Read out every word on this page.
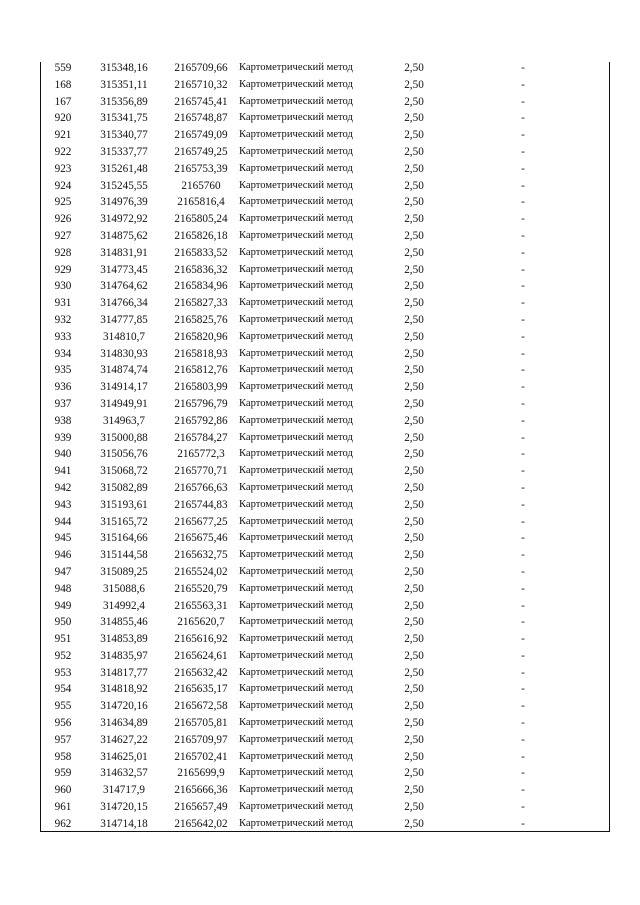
559	315348,16	2165709,66	Картометрический метод	2,50	-
168	315351,11	2165710,32	Картометрический метод	2,50	-
167	315356,89	2165745,41	Картометрический метод	2,50	-
920	315341,75	2165748,87	Картометрический метод	2,50	-
921	315340,77	2165749,09	Картометрический метод	2,50	-
922	315337,77	2165749,25	Картометрический метод	2,50	-
923	315261,48	2165753,39	Картометрический метод	2,50	-
924	315245,55	2165760	Картометрический метод	2,50	-
925	314976,39	2165816,4	Картометрический метод	2,50	-
926	314972,92	2165805,24	Картометрический метод	2,50	-
927	314875,62	2165826,18	Картометрический метод	2,50	-
928	314831,91	2165833,52	Картометрический метод	2,50	-
929	314773,45	2165836,32	Картометрический метод	2,50	-
930	314764,62	2165834,96	Картометрический метод	2,50	-
931	314766,34	2165827,33	Картометрический метод	2,50	-
932	314777,85	2165825,76	Картометрический метод	2,50	-
933	314810,7	2165820,96	Картометрический метод	2,50	-
934	314830,93	2165818,93	Картометрический метод	2,50	-
935	314874,74	2165812,76	Картометрический метод	2,50	-
936	314914,17	2165803,99	Картометрический метод	2,50	-
937	314949,91	2165796,79	Картометрический метод	2,50	-
938	314963,7	2165792,86	Картометрический метод	2,50	-
939	315000,88	2165784,27	Картометрический метод	2,50	-
940	315056,76	2165772,3	Картометрический метод	2,50	-
941	315068,72	2165770,71	Картометрический метод	2,50	-
942	315082,89	2165766,63	Картометрический метод	2,50	-
943	315193,61	2165744,83	Картометрический метод	2,50	-
944	315165,72	2165677,25	Картометрический метод	2,50	-
945	315164,66	2165675,46	Картометрический метод	2,50	-
946	315144,58	2165632,75	Картометрический метод	2,50	-
947	315089,25	2165524,02	Картометрический метод	2,50	-
948	315088,6	2165520,79	Картометрический метод	2,50	-
949	314992,4	2165563,31	Картометрический метод	2,50	-
950	314855,46	2165620,7	Картометрический метод	2,50	-
951	314853,89	2165616,92	Картометрический метод	2,50	-
952	314835,97	2165624,61	Картометрический метод	2,50	-
953	314817,77	2165632,42	Картометрический метод	2,50	-
954	314818,92	2165635,17	Картометрический метод	2,50	-
955	314720,16	2165672,58	Картометрический метод	2,50	-
956	314634,89	2165705,81	Картометрический метод	2,50	-
957	314627,22	2165709,97	Картометрический метод	2,50	-
958	314625,01	2165702,41	Картометрический метод	2,50	-
959	314632,57	2165699,9	Картометрический метод	2,50	-
960	314717,9	2165666,36	Картометрический метод	2,50	-
961	314720,15	2165657,49	Картометрический метод	2,50	-
962	314714,18	2165642,02	Картометрический метод	2,50	-
